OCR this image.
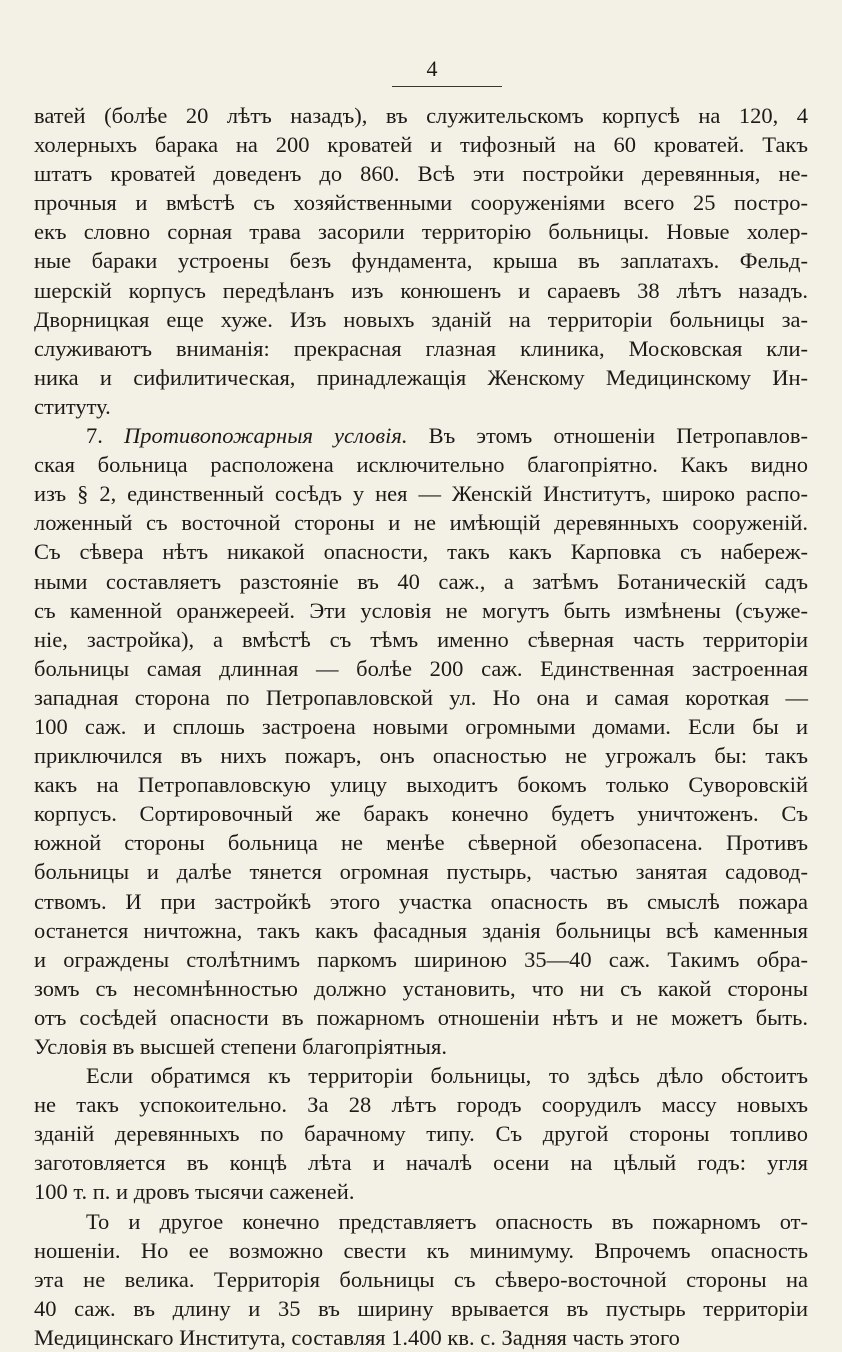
4
ватей (болѣе 20 лѣтъ назадъ), въ служительскомъ корпусѣ на 120, 4
холерныхъ барака на 200 кроватей и тифозный на 60 кроватей. Такъ
штатъ кроватей доведенъ до 860. Всѣ эти постройки деревянныя, не-
прочныя и вмѣстѣ съ хозяйственными сооруженіями всего 25 постро-
екъ словно сорная трава засорили территорію больницы. Новые холер-
ные бараки устроены безъ фундамента, крыша въ заплатахъ. Фельд-
шерскій корпусъ передѣланъ изъ конюшенъ и сараевъ 38 лѣтъ назадъ.
Дворницкая еще хуже. Изъ новыхъ зданій на территоріи больницы за-
служиваютъ вниманія: прекрасная глазная клиника, Московская кли-
ника и сифилитическая, принадлежащія Женскому Медицинскому Ин-
ституту.
7. Противопожарныя условія. Въ этомъ отношеніи Петропавлов-
ская больница расположена исключительно благопріятно. Какъ видно
изъ § 2, единственный сосѣдъ у нея — Женскій Институтъ, широко распо-
ложенный съ восточной стороны и не имѣющій деревянныхъ сооруженій.
Съ сѣвера нѣтъ никакой опасности, такъ какъ Карповка съ набереж-
ными составляетъ разстояніе въ 40 саж., а затѣмъ Ботаническій садъ
съ каменной оранжереей. Эти условія не могутъ быть измѣнены (съуже-
ніе, застройка), а вмѣстѣ съ тѣмъ именно сѣверная часть территоріи
больницы самая длинная — болѣе 200 саж. Единственная застроенная
западная сторона по Петропавловской ул. Но она и самая короткая —
100 саж. и сплошь застроена новыми огромными домами. Если бы и
приключился въ нихъ пожаръ, онъ опасностью не угрожалъ бы: такъ
какъ на Петропавловскую улицу выходитъ бокомъ только Суворовскій
корпусъ. Сортировочный же баракъ конечно будетъ уничтоженъ. Съ
южной стороны больница не менѣе сѣверной обезопасена. Противъ
больницы и далѣе тянется огромная пустырь, частью занятая садовод-
ствомъ. И при застройкѣ этого участка опасность въ смыслѣ пожара
останется ничтожна, такъ какъ фасадныя зданія больницы всѣ каменныя
и ограждены столѣтнимъ паркомъ шириною 35—40 саж. Такимъ обра-
зомъ съ несомнѣнностью должно установить, что ни съ какой стороны
отъ сосѣдей опасности въ пожарномъ отношеніи нѣтъ и не можетъ быть.
Условія въ высшей степени благопріятныя.
Если обратимся къ территоріи больницы, то здѣсь дѣло обстоитъ
не такъ успокоительно. За 28 лѣтъ городъ соорудилъ массу новыхъ
зданій деревянныхъ по барачному типу. Съ другой стороны топливо
заготовляется въ концѣ лѣта и началѣ осени на цѣлый годъ: угля
100 т. п. и дровъ тысячи саженей.
То и другое конечно представляетъ опасность въ пожарномъ от-
ношеніи. Но ее возможно свести къ минимуму. Впрочемъ опасность
эта не велика. Территорія больницы съ сѣверо-восточной стороны на
40 саж. въ длину и 35 въ ширину врывается въ пустырь территоріи
Медицинскаго Института, составляя 1.400 кв. с. Задняя часть этого
